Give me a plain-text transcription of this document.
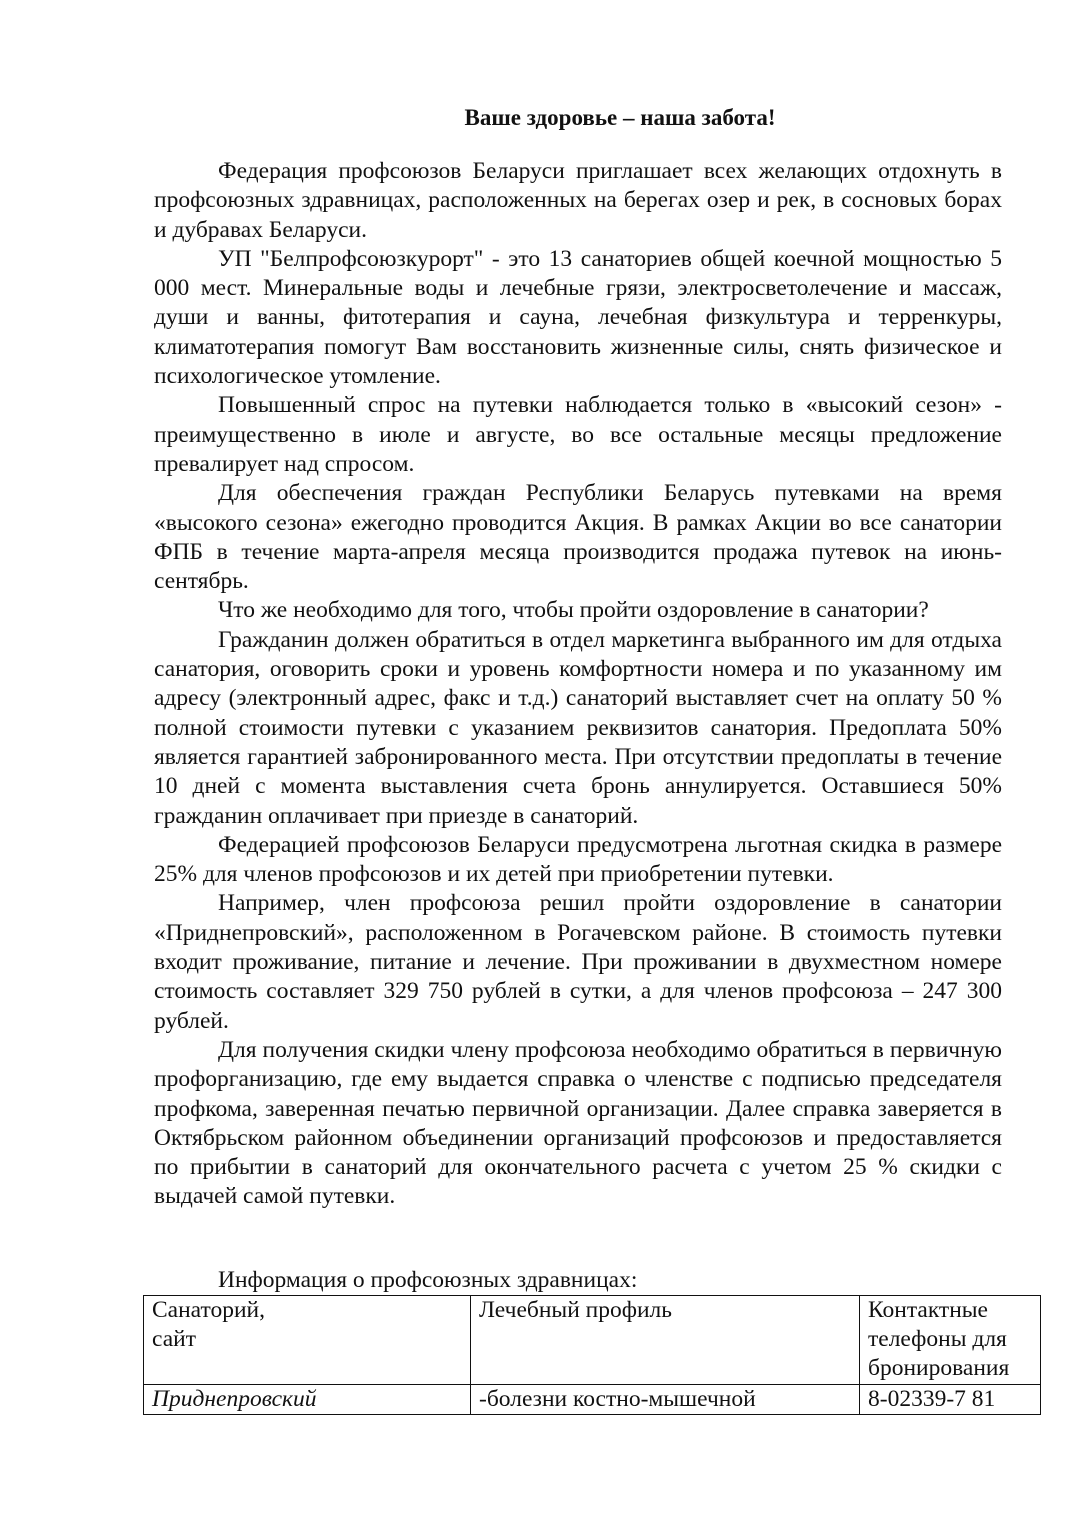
Ваше здоровье – наша забота!

Федерация профсоюзов Беларуси приглашает всех желающих отдохнуть в профсоюзных здравницах, расположенных на берегах озер и рек, в сосновых борах и дубравах Беларуси.

УП "Белпрофсоюзкурорт" - это 13 санаториев общей коечной мощностью 5 000 мест. Минеральные воды и лечебные грязи, электросветолечение и массаж, души и ванны, фитотерапия и сауна, лечебная физкультура и терренкуры, климатотерапия помогут Вам восстановить жизненные силы, снять физическое и психологическое утомление.

Повышенный спрос на путевки наблюдается только в «высокий сезон» - преимущественно в июле и августе, во все остальные месяцы предложение превалирует над спросом.

Для обеспечения граждан Республики Беларусь путевками на время «высокого сезона» ежегодно проводится Акция. В рамках Акции во все санатории ФПБ в течение марта-апреля месяца производится продажа путевок на июнь-сентябрь.

Что же необходимо для того, чтобы пройти оздоровление в санатории?

Гражданин должен обратиться в отдел маркетинга выбранного им для отдыха санатория, оговорить сроки и уровень комфортности номера и по указанному им адресу (электронный адрес, факс и т.д.) санаторий выставляет счет на оплату 50 % полной стоимости путевки с указанием реквизитов санатория. Предоплата 50% является гарантией забронированного места. При отсутствии предоплаты в течение 10 дней с момента выставления счета бронь аннулируется. Оставшиеся 50% гражданин оплачивает при приезде в санаторий.

Федерацией профсоюзов Беларуси предусмотрена льготная скидка в размере 25% для членов профсоюзов и их детей при приобретении путевки.

Например, член профсоюза решил пройти оздоровление в санатории «Приднепровский», расположенном в Рогачевском районе. В стоимость путевки входит проживание, питание и лечение. При проживании в двухместном номере стоимость составляет 329 750 рублей в сутки, а для членов профсоюза – 247 300 рублей.

Для получения скидки члену профсоюза необходимо обратиться в первичную профорганизацию, где ему выдается справка о членстве с подписью председателя профкома, заверенная печатью первичной организации. Далее справка заверяется в Октябрьском районном объединении организаций профсоюзов и предоставляется по прибытии в санаторий для окончательного расчета с учетом 25 % скидки с выдачей самой путевки.

Информация о профсоюзных здравницах:
Санаторий,
сайт	Лечебный профиль	Контактные телефоны для бронирования
Приднепровский	-болезни костно-мышечной	8-02339-7 81
